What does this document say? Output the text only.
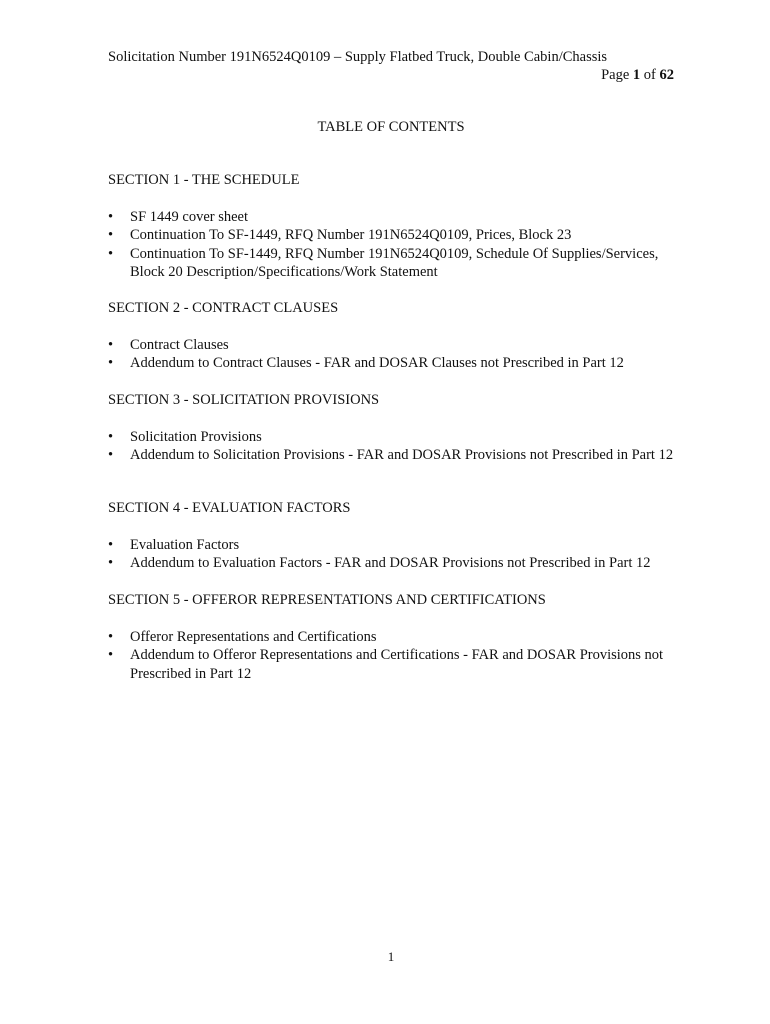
Solicitation Number 191N6524Q0109 – Supply Flatbed Truck, Double Cabin/Chassis
Page 1 of 62
TABLE OF CONTENTS

SECTION 1 - THE SCHEDULE

•	SF 1449 cover sheet
•	Continuation To SF-1449, RFQ Number 191N6524Q0109, Prices, Block 23
•	Continuation To SF-1449, RFQ Number 191N6524Q0109, Schedule Of Supplies/Services, Block 20 Description/Specifications/Work Statement

SECTION 2 - CONTRACT CLAUSES

•	Contract Clauses
•	Addendum to Contract Clauses - FAR and DOSAR Clauses not Prescribed in Part 12

SECTION 3 - SOLICITATION PROVISIONS

•	Solicitation Provisions
•	Addendum to Solicitation Provisions - FAR and DOSAR Provisions not Prescribed in Part 12

SECTION 4 - EVALUATION FACTORS

•	Evaluation Factors
•	Addendum to Evaluation Factors - FAR and DOSAR Provisions not Prescribed in Part 12

SECTION 5 - OFFEROR REPRESENTATIONS AND CERTIFICATIONS

•	Offeror Representations and Certifications
•	Addendum to Offeror Representations and Certifications - FAR and DOSAR Provisions not Prescribed in Part 12
1
